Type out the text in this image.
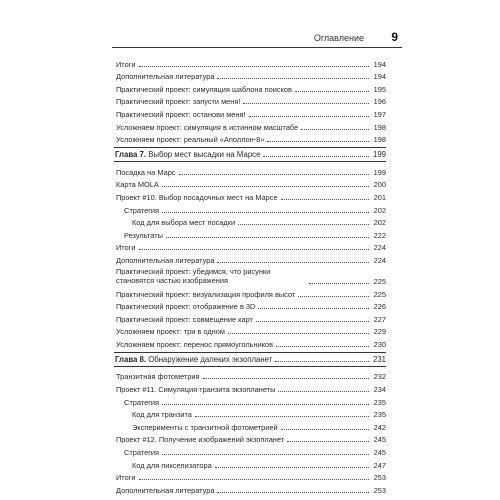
Оглавление 9
Итоги	194
Дополнительная литература	194
Практический проект: симуляция шаблона поисков	195
Практический проект: запусти меня!	196
Практический проект: останови меня!	197
Усложняем проект: симуляция в истинном масштабе	198
Усложняем проект: реальный «Аполлон-8»	198
Глава 7. Выбор мест высадки на Марсе	199
Посадка на Марс	199
Карта MOLA	200
Проект #10. Выбор посадочных мест на Марсе	201
Стратегия	202
Код для выбора мест посадки	202
Результаты	222
Итоги	224
Дополнительная литература	224
Практический проект: убедимся, что рисунки становятся частью изображения	225
Практический проект: визуализация профиля высот	225
Практический проект: отображение в 3D	226
Практический проект: совмещение карт	227
Усложняем проект: три в одном	229
Усложняем проект: перенос прямоугольников	230
Глава 8. Обнаружение далеких экзопланет	231
Транзитная фотометрия	232
Проект #11. Симуляция транзита экзопланеты	234
Стратегия	235
Код для транзита	235
Эксперименты с транзитной фотометрией	242
Проект #12. Получение изображений экзопланет	245
Стратегия	245
Код для пикселизатора	247
Итоги	253
Дополнительная литература	253
